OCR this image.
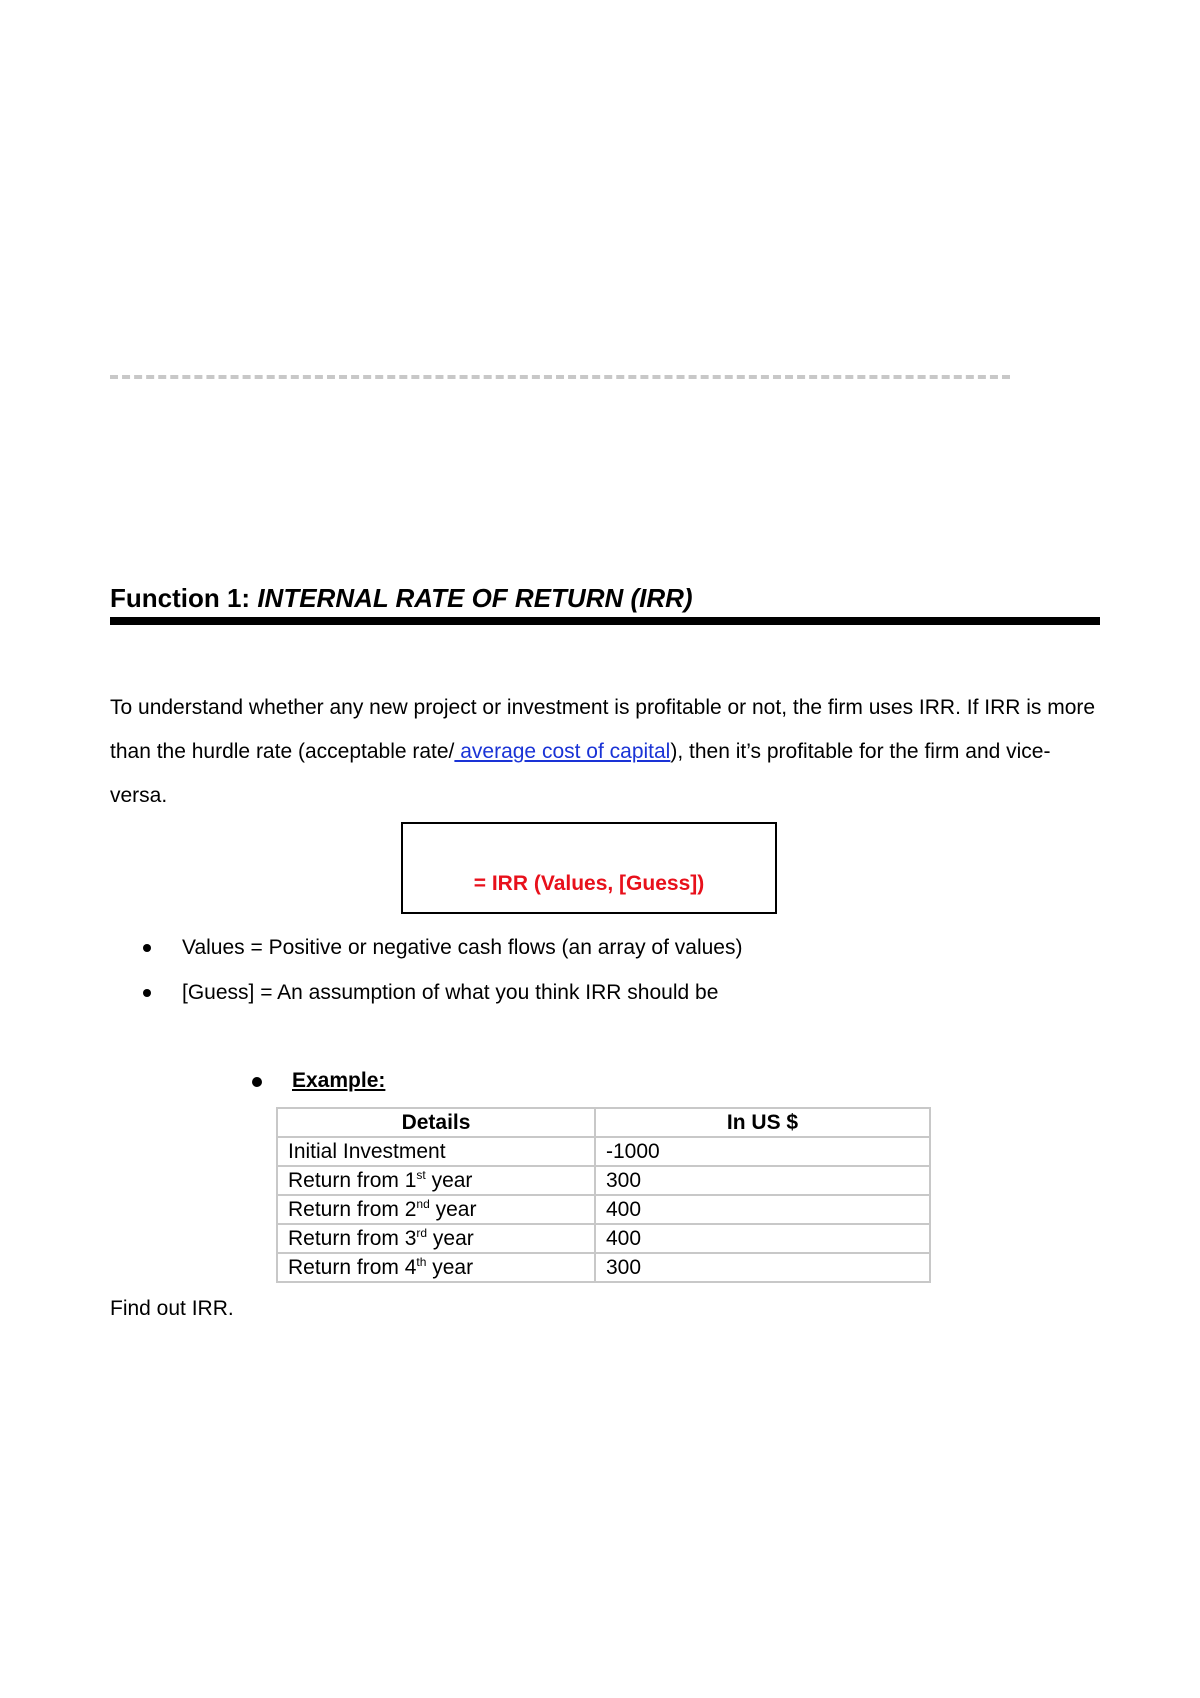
Function 1: INTERNAL RATE OF RETURN (IRR)
To understand whether any new project or investment is profitable or not, the firm uses IRR. If IRR is more than the hurdle rate (acceptable rate/ average cost of capital), then it’s profitable for the firm and vice-versa.
= IRR (Values, [Guess])
Values = Positive or negative cash flows (an array of values)
[Guess] = An assumption of what you think IRR should be
Example:
Details	In US $
Initial Investment	-1000
Return from 1st year	300
Return from 2nd year	400
Return from 3rd year	400
Return from 4th year	300
Find out IRR.
